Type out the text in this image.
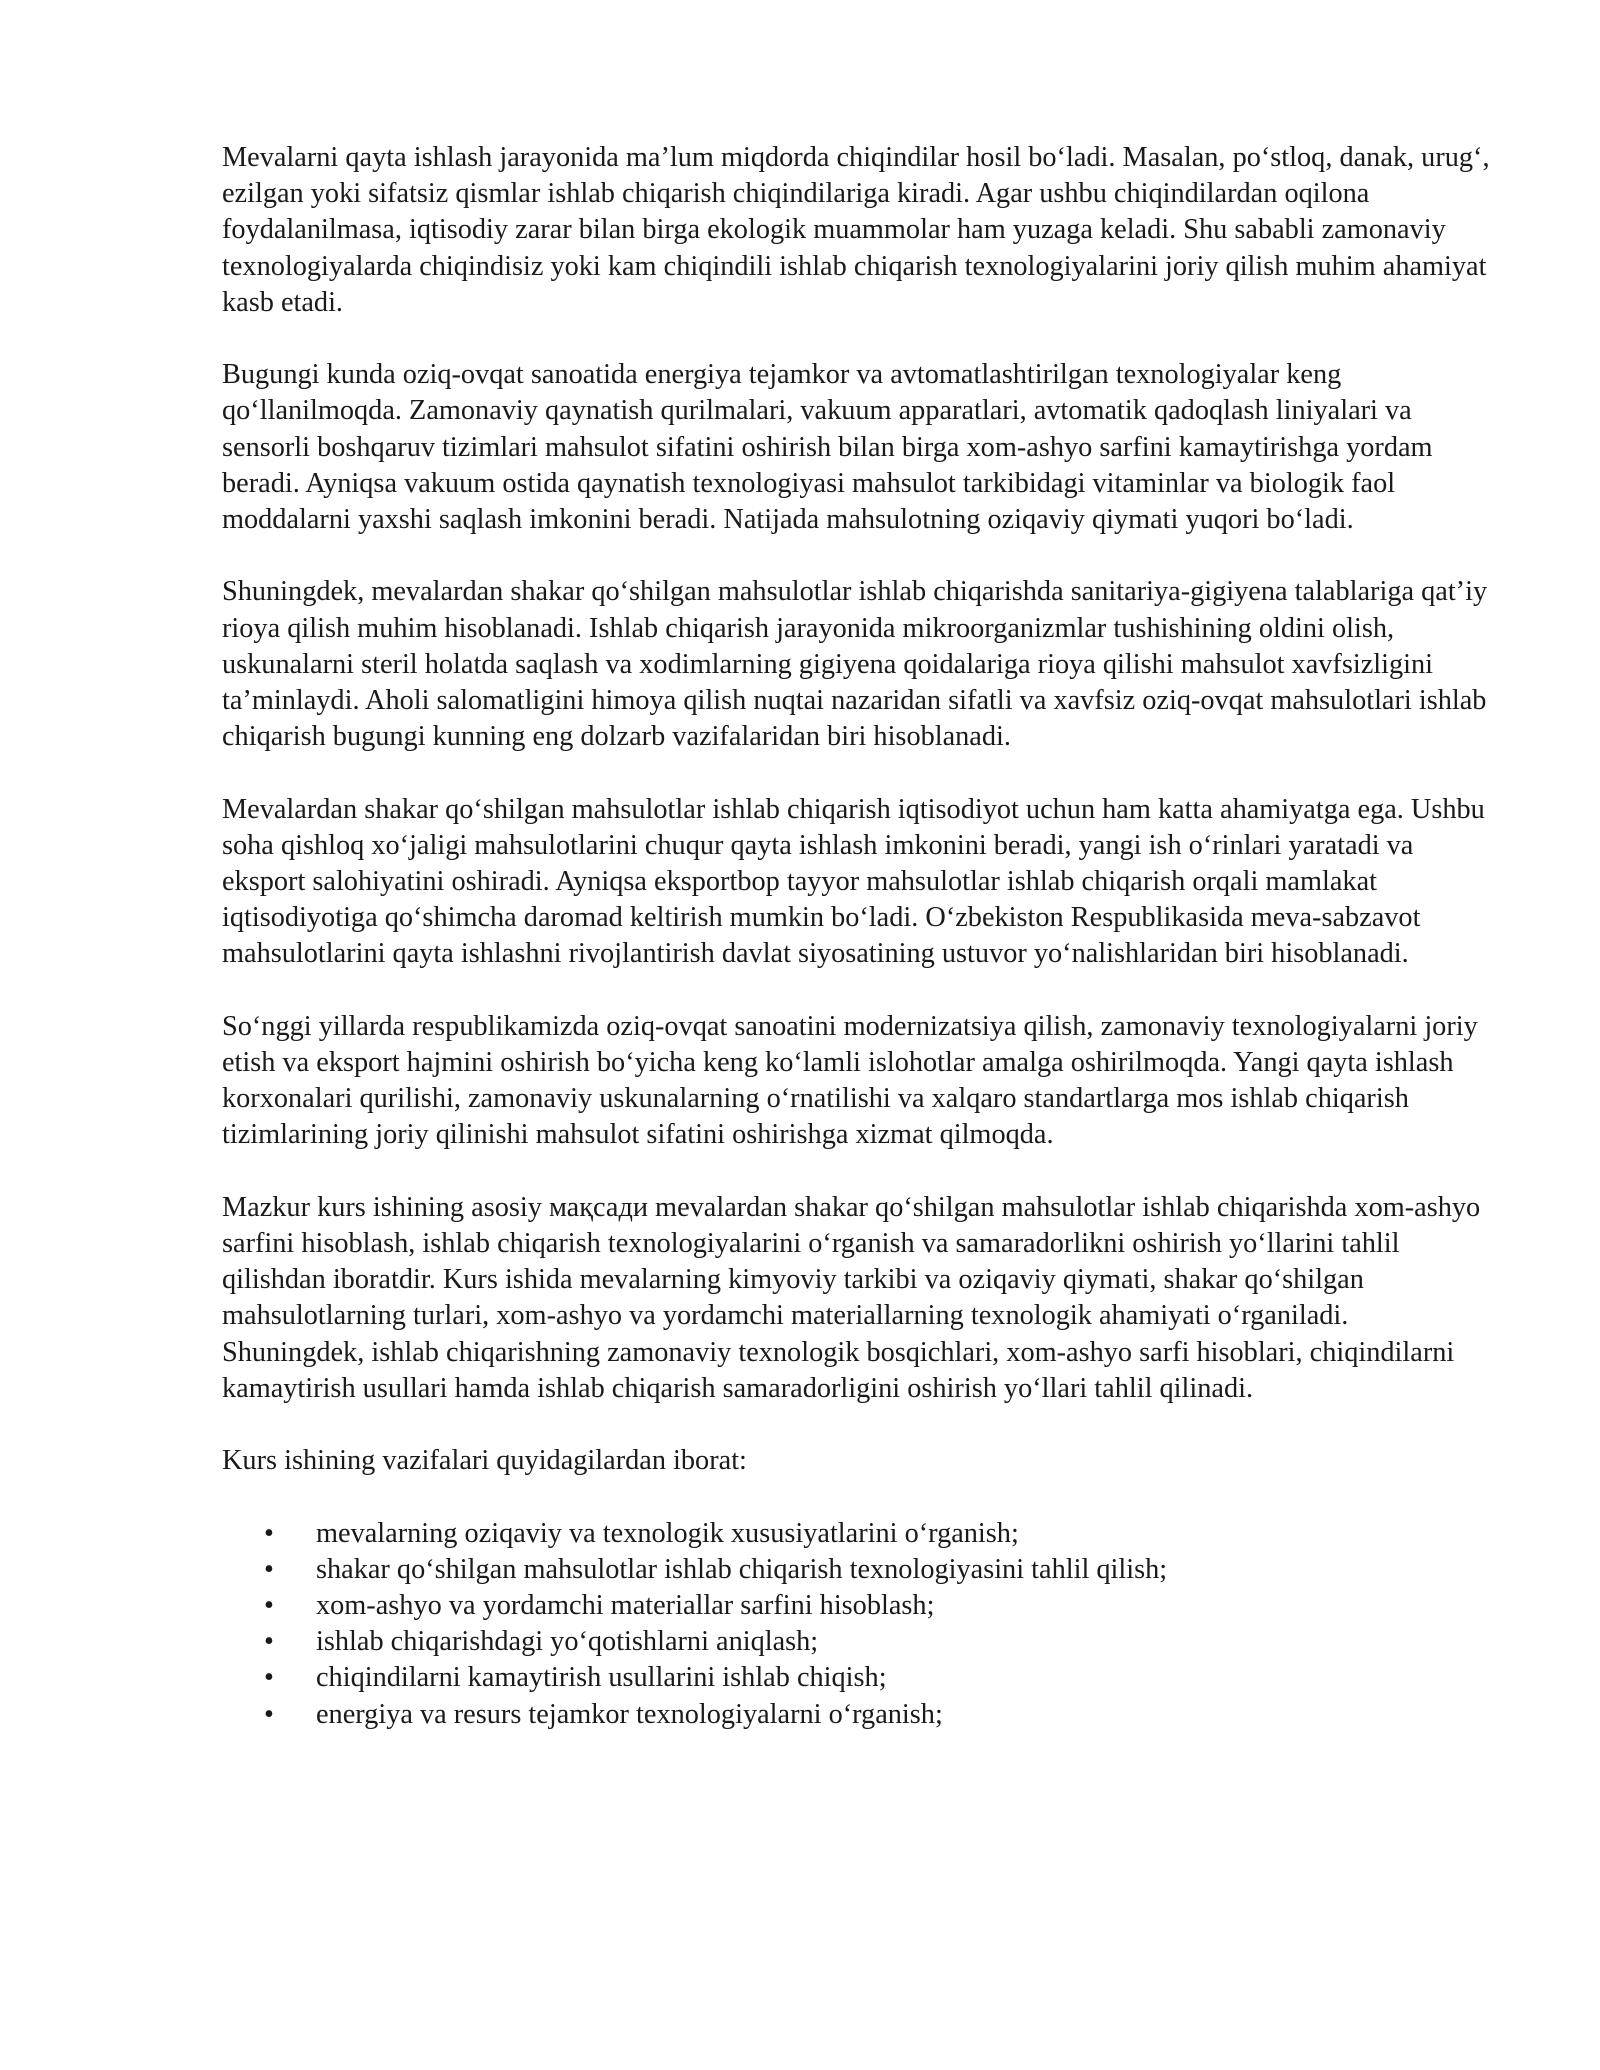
Mevalarni qayta ishlash jarayonida maʼlum miqdorda chiqindilar hosil boʻladi. Masalan, poʻstloq, danak, urugʻ, ezilgan yoki sifatsiz qismlar ishlab chiqarish chiqindilariga kiradi. Agar ushbu chiqindilardan oqilona foydalanilmasa, iqtisodiy zarar bilan birga ekologik muammolar ham yuzaga keladi. Shu sababli zamonaviy texnologiyalarda chiqindisiz yoki kam chiqindili ishlab chiqarish texnologiyalarini joriy qilish muhim ahamiyat kasb etadi.

Bugungi kunda oziq-ovqat sanoatida energiya tejamkor va avtomatlashtirilgan texnologiyalar keng qoʻllanilmoqda. Zamonaviy qaynatish qurilmalari, vakuum apparatlari, avtomatik qadoqlash liniyalari va sensorli boshqaruv tizimlari mahsulot sifatini oshirish bilan birga xom-ashyo sarfini kamaytirishga yordam beradi. Ayniqsa vakuum ostida qaynatish texnologiyasi mahsulot tarkibidagi vitaminlar va biologik faol moddalarni yaxshi saqlash imkonini beradi. Natijada mahsulotning oziqaviy qiymati yuqori boʻladi.

Shuningdek, mevalardan shakar qoʻshilgan mahsulotlar ishlab chiqarishda sanitariya-gigiyena talablariga qatʼiy rioya qilish muhim hisoblanadi. Ishlab chiqarish jarayonida mikroorganizmlar tushishining oldini olish, uskunalarni steril holatda saqlash va xodimlarning gigiyena qoidalariga rioya qilishi mahsulot xavfsizligini taʼminlaydi. Aholi salomatligini himoya qilish nuqtai nazaridan sifatli va xavfsiz oziq-ovqat mahsulotlari ishlab chiqarish bugungi kunning eng dolzarb vazifalaridan biri hisoblanadi.

Mevalardan shakar qoʻshilgan mahsulotlar ishlab chiqarish iqtisodiyot uchun ham katta ahamiyatga ega. Ushbu soha qishloq xoʻjaligi mahsulotlarini chuqur qayta ishlash imkonini beradi, yangi ish oʻrinlari yaratadi va eksport salohiyatini oshiradi. Ayniqsa eksportbop tayyor mahsulotlar ishlab chiqarish orqali mamlakat iqtisodiyotiga qoʻshimcha daromad keltirish mumkin boʻladi. Oʻzbekiston Respublikasida meva-sabzavot mahsulotlarini qayta ishlashni rivojlantirish davlat siyosatining ustuvor yoʻnalishlaridan biri hisoblanadi.

Soʻnggi yillarda respublikamizda oziq-ovqat sanoatini modernizatsiya qilish, zamonaviy texnologiyalarni joriy etish va eksport hajmini oshirish boʻyicha keng koʻlamli islohotlar amalga oshirilmoqda. Yangi qayta ishlash korxonalari qurilishi, zamonaviy uskunalarning oʻrnatilishi va xalqaro standartlarga mos ishlab chiqarish tizimlarining joriy qilinishi mahsulot sifatini oshirishga xizmat qilmoqda.

Mazkur kurs ishining asosiy мақсади mevalardan shakar qoʻshilgan mahsulotlar ishlab chiqarishda xom-ashyo sarfini hisoblash, ishlab chiqarish texnologiyalarini oʻrganish va samaradorlikni oshirish yoʻllarini tahlil qilishdan iboratdir. Kurs ishida mevalarning kimyoviy tarkibi va oziqaviy qiymati, shakar qoʻshilgan mahsulotlarning turlari, xom-ashyo va yordamchi materiallarning texnologik ahamiyati oʻrganiladi. Shuningdek, ishlab chiqarishning zamonaviy texnologik bosqichlari, xom-ashyo sarfi hisoblari, chiqindilarni kamaytirish usullari hamda ishlab chiqarish samaradorligini oshirish yoʻllari tahlil qilinadi.

Kurs ishining vazifalari quyidagilardan iborat:

• mevalarning oziqaviy va texnologik xususiyatlarini oʻrganish;
• shakar qoʻshilgan mahsulotlar ishlab chiqarish texnologiyasini tahlil qilish;
• xom-ashyo va yordamchi materiallar sarfini hisoblash;
• ishlab chiqarishdagi yoʻqotishlarni aniqlash;
• chiqindilarni kamaytirish usullarini ishlab chiqish;
• energiya va resurs tejamkor texnologiyalarni oʻrganish;
